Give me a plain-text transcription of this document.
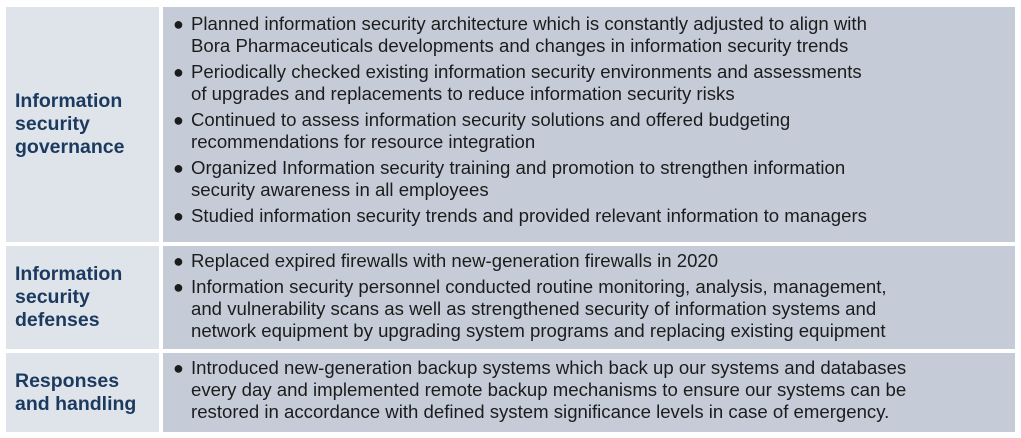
Information
security
governance
● Planned information security architecture which is constantly adjusted to align with
Bora Pharmaceuticals developments and changes in information security trends
● Periodically checked existing information security environments and assessments
of upgrades and replacements to reduce information security risks
● Continued to assess information security solutions and offered budgeting
recommendations for resource integration
● Organized Information security training and promotion to strengthen information
security awareness in all employees
● Studied information security trends and provided relevant information to managers
Information
security
defenses
● Replaced expired firewalls with new-generation firewalls in 2020
● Information security personnel conducted routine monitoring, analysis, management,
and vulnerability scans as well as strengthened security of information systems and
network equipment by upgrading system programs and replacing existing equipment
Responses
and handling
● Introduced new-generation backup systems which back up our systems and databases
every day and implemented remote backup mechanisms to ensure our systems can be
restored in accordance with defined system significance levels in case of emergency.
